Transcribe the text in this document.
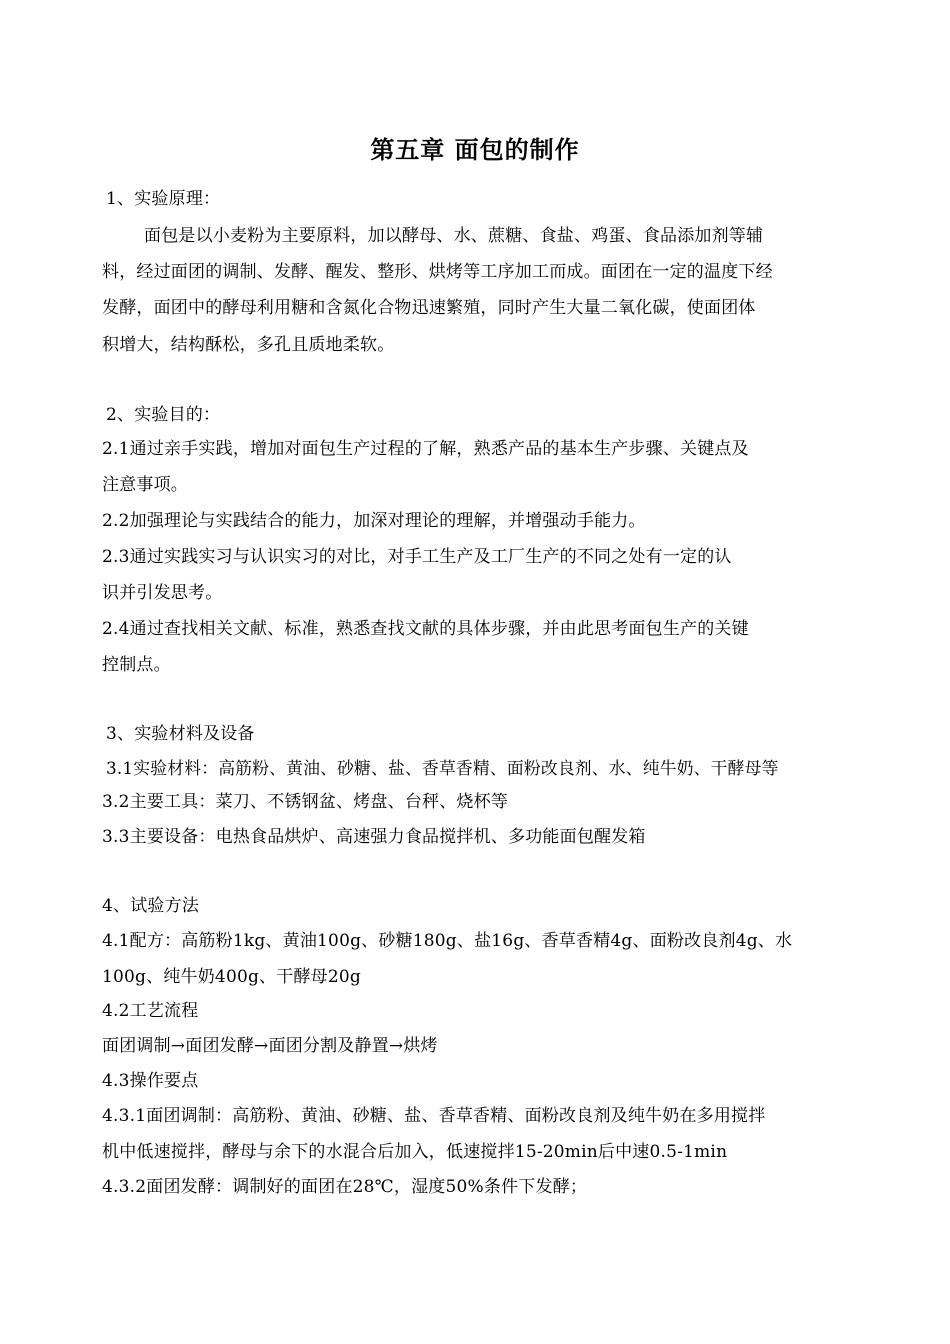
第五章 面包的制作
1、实验原理：
面包是以小麦粉为主要原料，加以酵母、水、蔗糖、食盐、鸡蛋、食品添加剂等辅
料，经过面团的调制、发酵、醒发、整形、烘烤等工序加工而成。面团在一定的温度下经
发酵，面团中的酵母利用糖和含氮化合物迅速繁殖，同时产生大量二氧化碳，使面团体
积增大，结构酥松，多孔且质地柔软。
2、实验目的：
2.1通过亲手实践，增加对面包生产过程的了解，熟悉产品的基本生产步骤、关键点及
注意事项。
2.2加强理论与实践结合的能力，加深对理论的理解，并增强动手能力。
2.3通过实践实习与认识实习的对比，对手工生产及工厂生产的不同之处有一定的认
识并引发思考。
2.4通过查找相关文献、标准，熟悉查找文献的具体步骤，并由此思考面包生产的关键
控制点。
3、实验材料及设备
3.1实验材料：高筋粉、黄油、砂糖、盐、香草香精、面粉改良剂、水、纯牛奶、干酵母等
3.2主要工具：菜刀、不锈钢盆、烤盘、台秤、烧杯等
3.3主要设备：电热食品烘炉、高速强力食品搅拌机、多功能面包醒发箱
4、试验方法
4.1配方：高筋粉1kg、黄油100g、砂糖180g、盐16g、香草香精4g、面粉改良剂4g、水
100g、纯牛奶400g、干酵母20g
4.2工艺流程
面团调制→面团发酵→面团分割及静置→烘烤
4.3操作要点
4.3.1面团调制：高筋粉、黄油、砂糖、盐、香草香精、面粉改良剂及纯牛奶在多用搅拌
机中低速搅拌，酵母与余下的水混合后加入，低速搅拌15-20min后中速0.5-1min
4.3.2面团发酵：调制好的面团在28℃，湿度50%条件下发酵；
